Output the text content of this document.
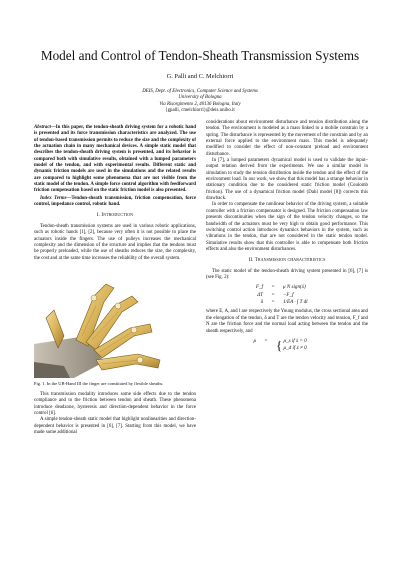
Model and Control of Tendon-Sheath Transmission Systems
G. Palli and C. Melchiorri
DEIS, Dept. of Electronics, Computer Science and Systems
University of Bologna
Via Risorgimento 2, 40136 Bologna, Italy
{gpalli, cmelchiorri}@deis.unibo.it

Abstract—In this paper, the tendon-sheath driving system for a robotic hand is presented and its force transmission characteristics are analyzed. The use of tendon-based transmission permits to reduce the size and the complexity of the actuation chain in many mechanical devices. A simple static model that describes the tendon-sheath driving system is presented, and its behavior is compared both with simulative results, obtained with a lumped parameters model of the tendon, and with experimental results. Different static and dynamic friction models are used in the simulations and the related results are compared to highlight some phenomena that are not visible from the static model of the tendon. A simple force control algorithm with feedforward friction compensation based on the static friction model is also presented.

Index Terms—Tendon-sheath transmission, friction compensation, force control, impedance control, robotic hand.

I. Introduction

Tendon-sheath transmission systems are used in various robotic applications, such as robotic hands [1], [2], because very often it is not possible to place the actuators inside the fingers. The use of pulleys increases the mechanical complexity and the dimension of the structure and implies that the tendons must be properly preloaded, while the use of sheaths reduces the size, the complexity, the cost and at the same time increases the reliability of the overall system.

Fig. 1. In the UB-Hand III the finger are constituted by flexible sheaths.

This transmission modality introduces some side effects due to the tendon compliance and to the friction between tendon and sheath. These phenomena introduce deadzone, hysteresis and direction-dependent behavior in the force control [6].

A simple tendon-sheath static model that highlight nonlinearities and direction-dependent behavior is presented in [6], [7]. Starting from this model, we have made some additional

considerations about environment disturbance and tension distribution along the tendon. The environment is modeled as a mass linked to a mobile constrain by a spring. The disturbance is represented by the movement of the constrain and by an external force applied to the environment mass. This model is adequately modified to consider the effect of non-constant preload and environment disturbance.

In [7], a lumped parameters dynamical model is used to validate the input–output relation derived from the experiments. We use a similar model in simulation to study the tension distribution inside the tendon and the effect of the environment load. In our work, we show that this model has a strange behavior in stationary condition due to the considered static friction model (Coulomb friction). The use of a dynamical friction model (Dahl model [8]) corrects this drawback.

In order to compensate the nonlinear behavior of the driving system, a suitable controller with a friction compensator is designed. The friction compensation law presents discontinuities when the sign of the tendon velocity changes, so the bandwidth of the actuators must be very high to obtain good performance. This switching control action introduces dynamics behaviors in the system, such as vibrations in the tendon, that are not considered in the static tendon model. Simulative results show that this controller is able to compensate both friction effects and also the environment disturbances.

II. Transmission characteristics

The static model of the tendon-sheath driving system presented in [6], [7] is (see Fig. 2):

F_f	=	μ N sign(ẋ)
ΔT	=	−F_f
δ	=	1/EA · ∫ T dl

where E, A, and l are respectively the Young modulus, the cross sectional area and the elongation of the tendon, δ and T are the tendon velocity and tension, F_f and N are the friction force and the normal load acting between the tendon and the sheath respectively, and

μ	= { μ_s if ẋ = 0
μ_d if ẋ ≠ 0
